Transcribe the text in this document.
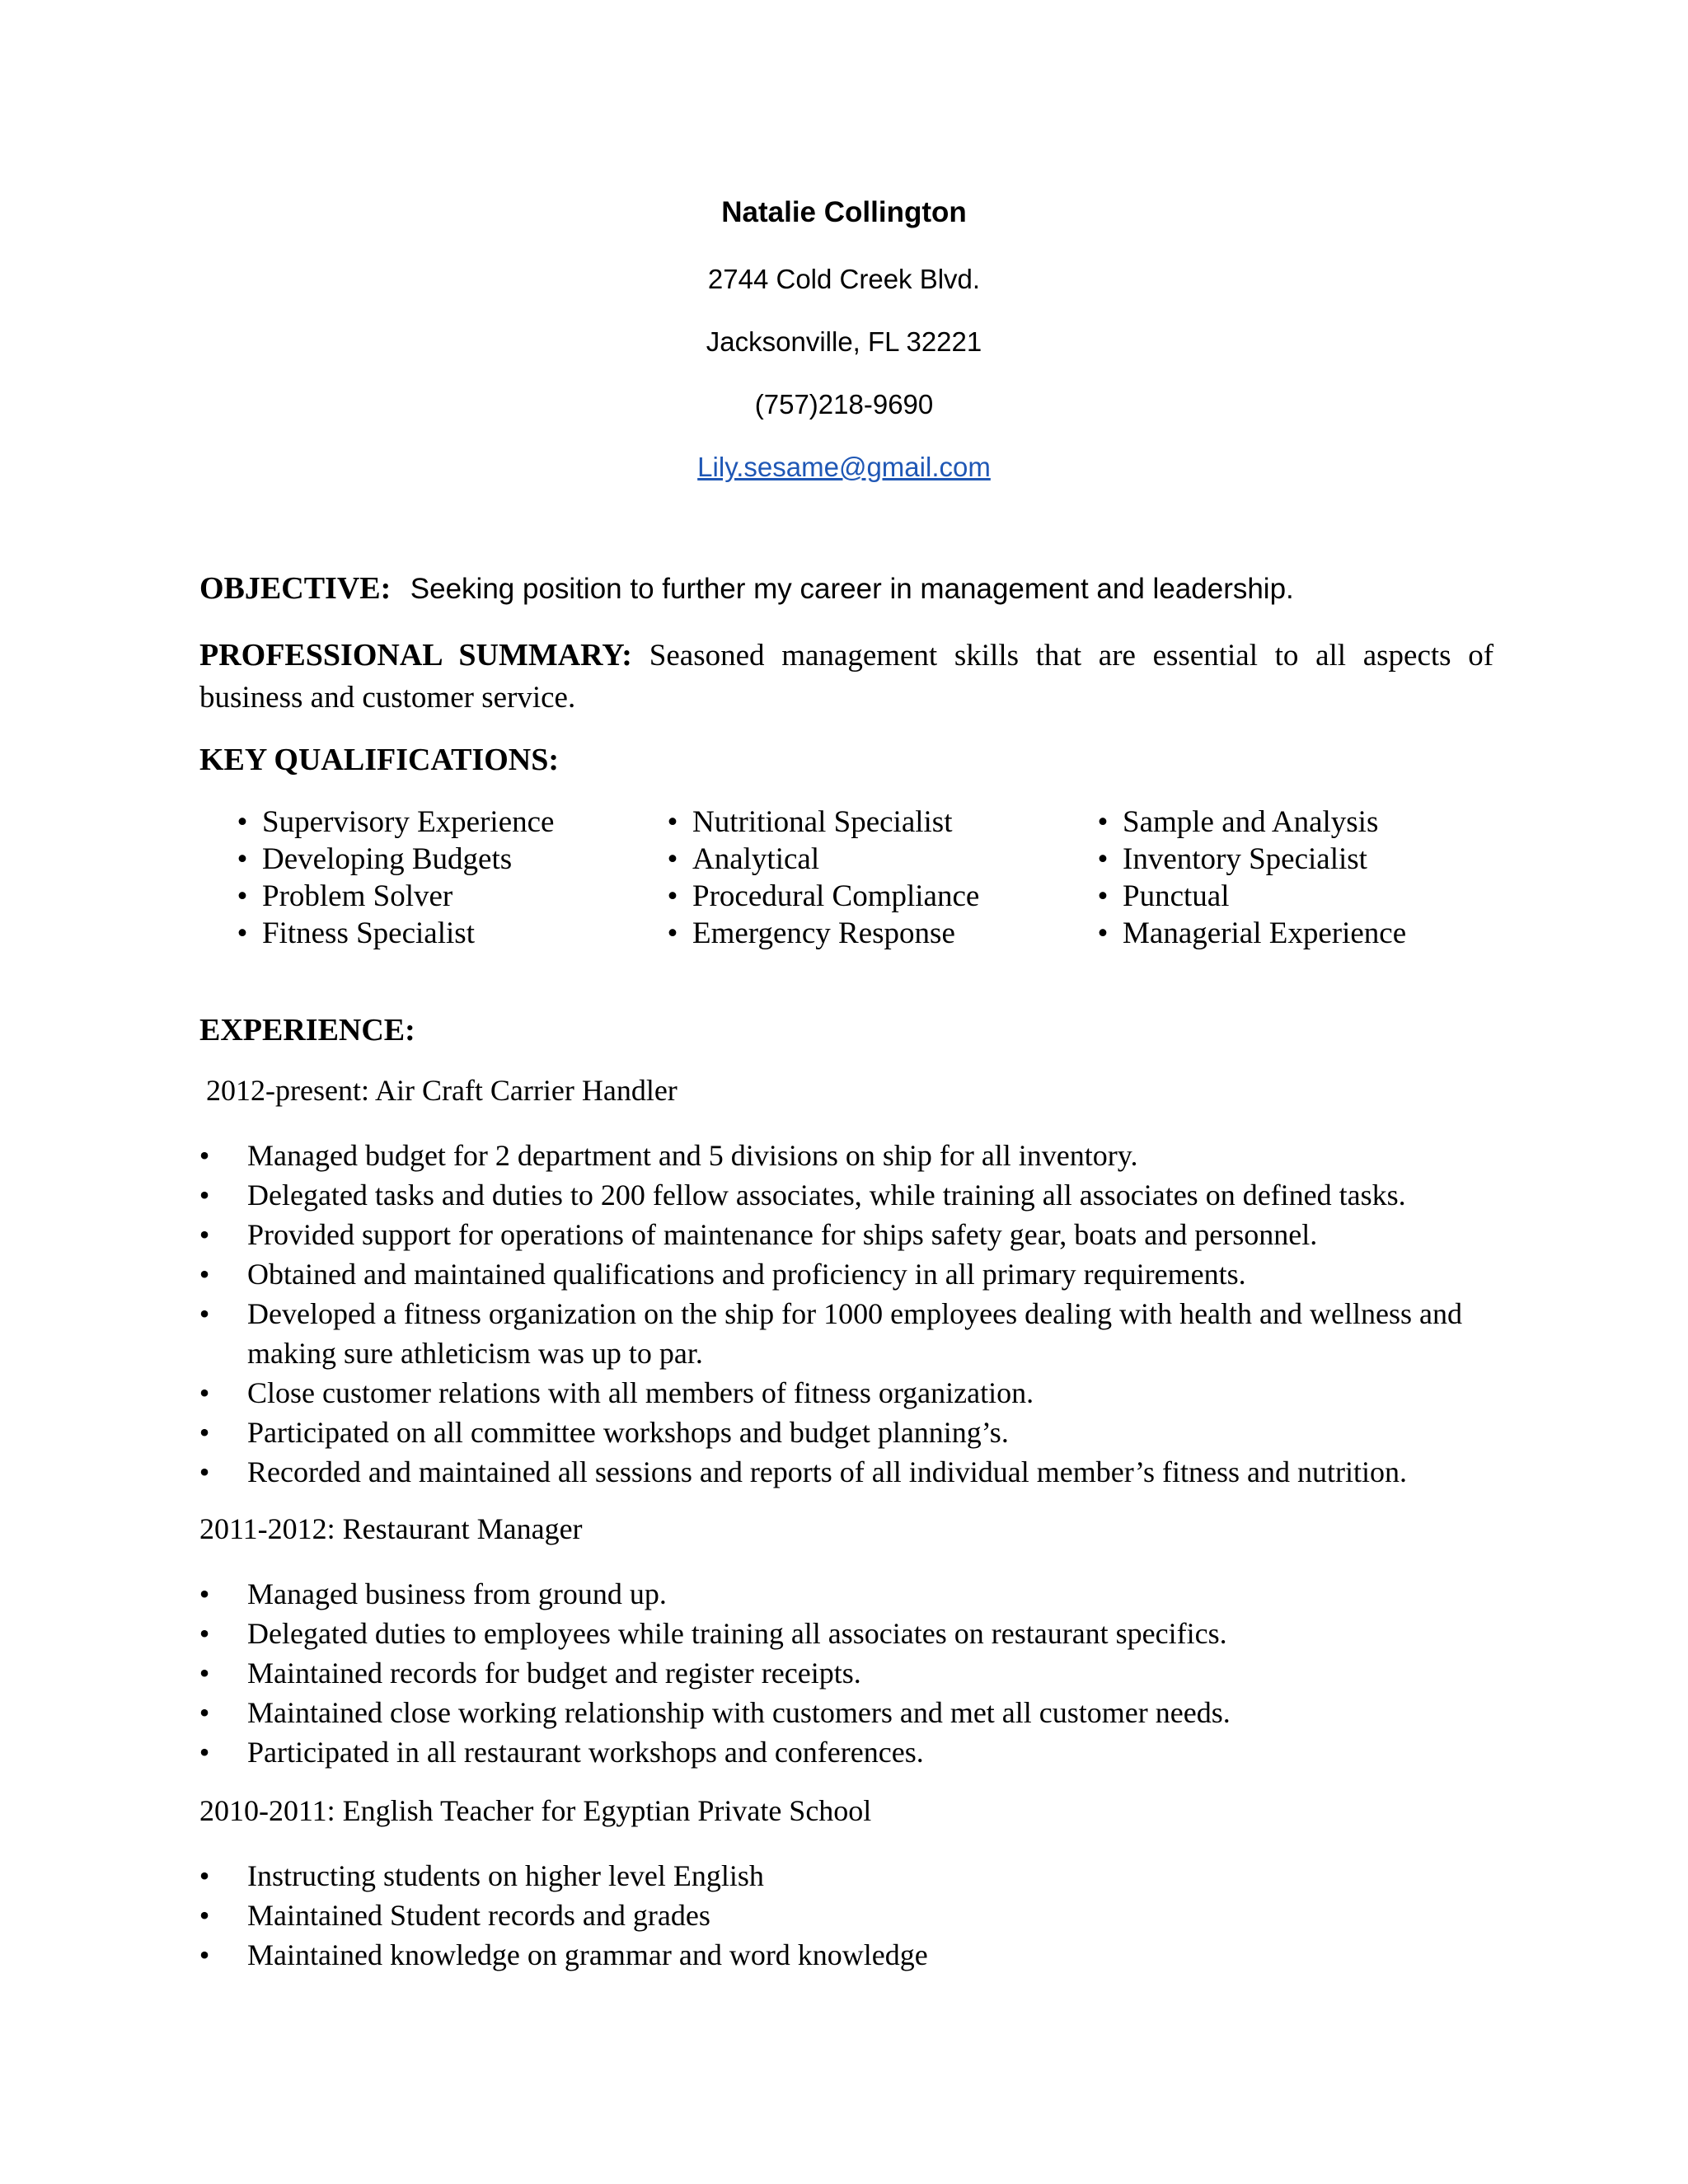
Natalie Collington
2744 Cold Creek Blvd.
Jacksonville, FL 32221
(757)218-9690
Lily.sesame@gmail.com
OBJECTIVE: Seeking position to further my career in management and leadership.
PROFESSIONAL SUMMARY: Seasoned management skills that are essential to all aspects of business and customer service.
KEY QUALIFICATIONS:
• Supervisory Experience
• Developing Budgets
• Problem Solver
• Fitness Specialist
• Nutritional Specialist
• Analytical
• Procedural Compliance
• Emergency Response
• Sample and Analysis
• Inventory Specialist
• Punctual
• Managerial Experience
EXPERIENCE:
2012-present: Air Craft Carrier Handler
•	Managed budget for 2 department and 5 divisions on ship for all inventory.
•	Delegated tasks and duties to 200 fellow associates, while training all associates on defined tasks.
•	Provided support for operations of maintenance for ships safety gear, boats and personnel.
•	Obtained and maintained qualifications and proficiency in all primary requirements.
•	Developed a fitness organization on the ship for 1000 employees dealing with health and wellness and making sure athleticism was up to par.
•	Close customer relations with all members of fitness organization.
•	Participated on all committee workshops and budget planning’s.
•	Recorded and maintained all sessions and reports of all individual member’s fitness and nutrition.
2011-2012: Restaurant Manager
•	Managed business from ground up.
•	Delegated duties to employees while training all associates on restaurant specifics.
•	Maintained records for budget and register receipts.
•	Maintained close working relationship with customers and met all customer needs.
•	Participated in all restaurant workshops and conferences.
2010-2011: English Teacher for Egyptian Private School
•	Instructing students on higher level English
•	Maintained Student records and grades
•	Maintained knowledge on grammar and word knowledge
